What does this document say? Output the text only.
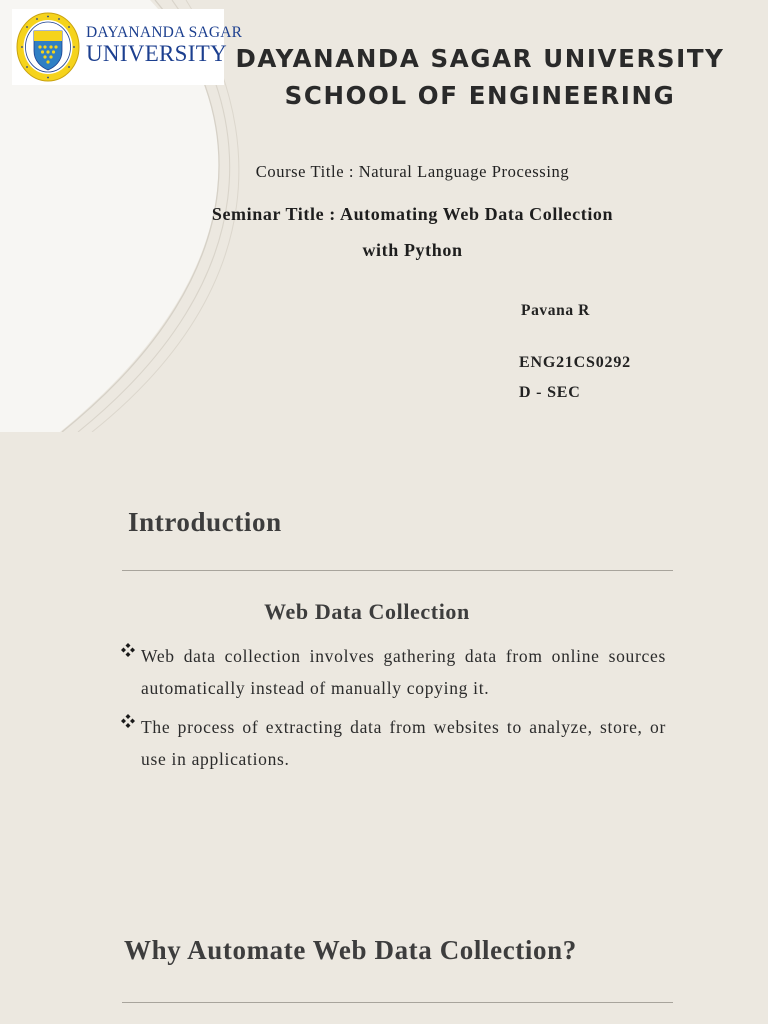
DAYANANDA SAGAR
UNIVERSITY DAYANANDA SAGAR UNIVERSITY
SCHOOL OF ENGINEERING
Course Title : Natural Language Processing
Seminar Title : Automating Web Data Collection
with Python
Pavana R
ENG21CS0292
D - SEC
Introduction
Web Data Collection
Web data collection involves gathering data from online sources automatically instead of manually copying it.
The process of extracting data from websites to analyze, store, or use in applications.
Why Automate Web Data Collection?
